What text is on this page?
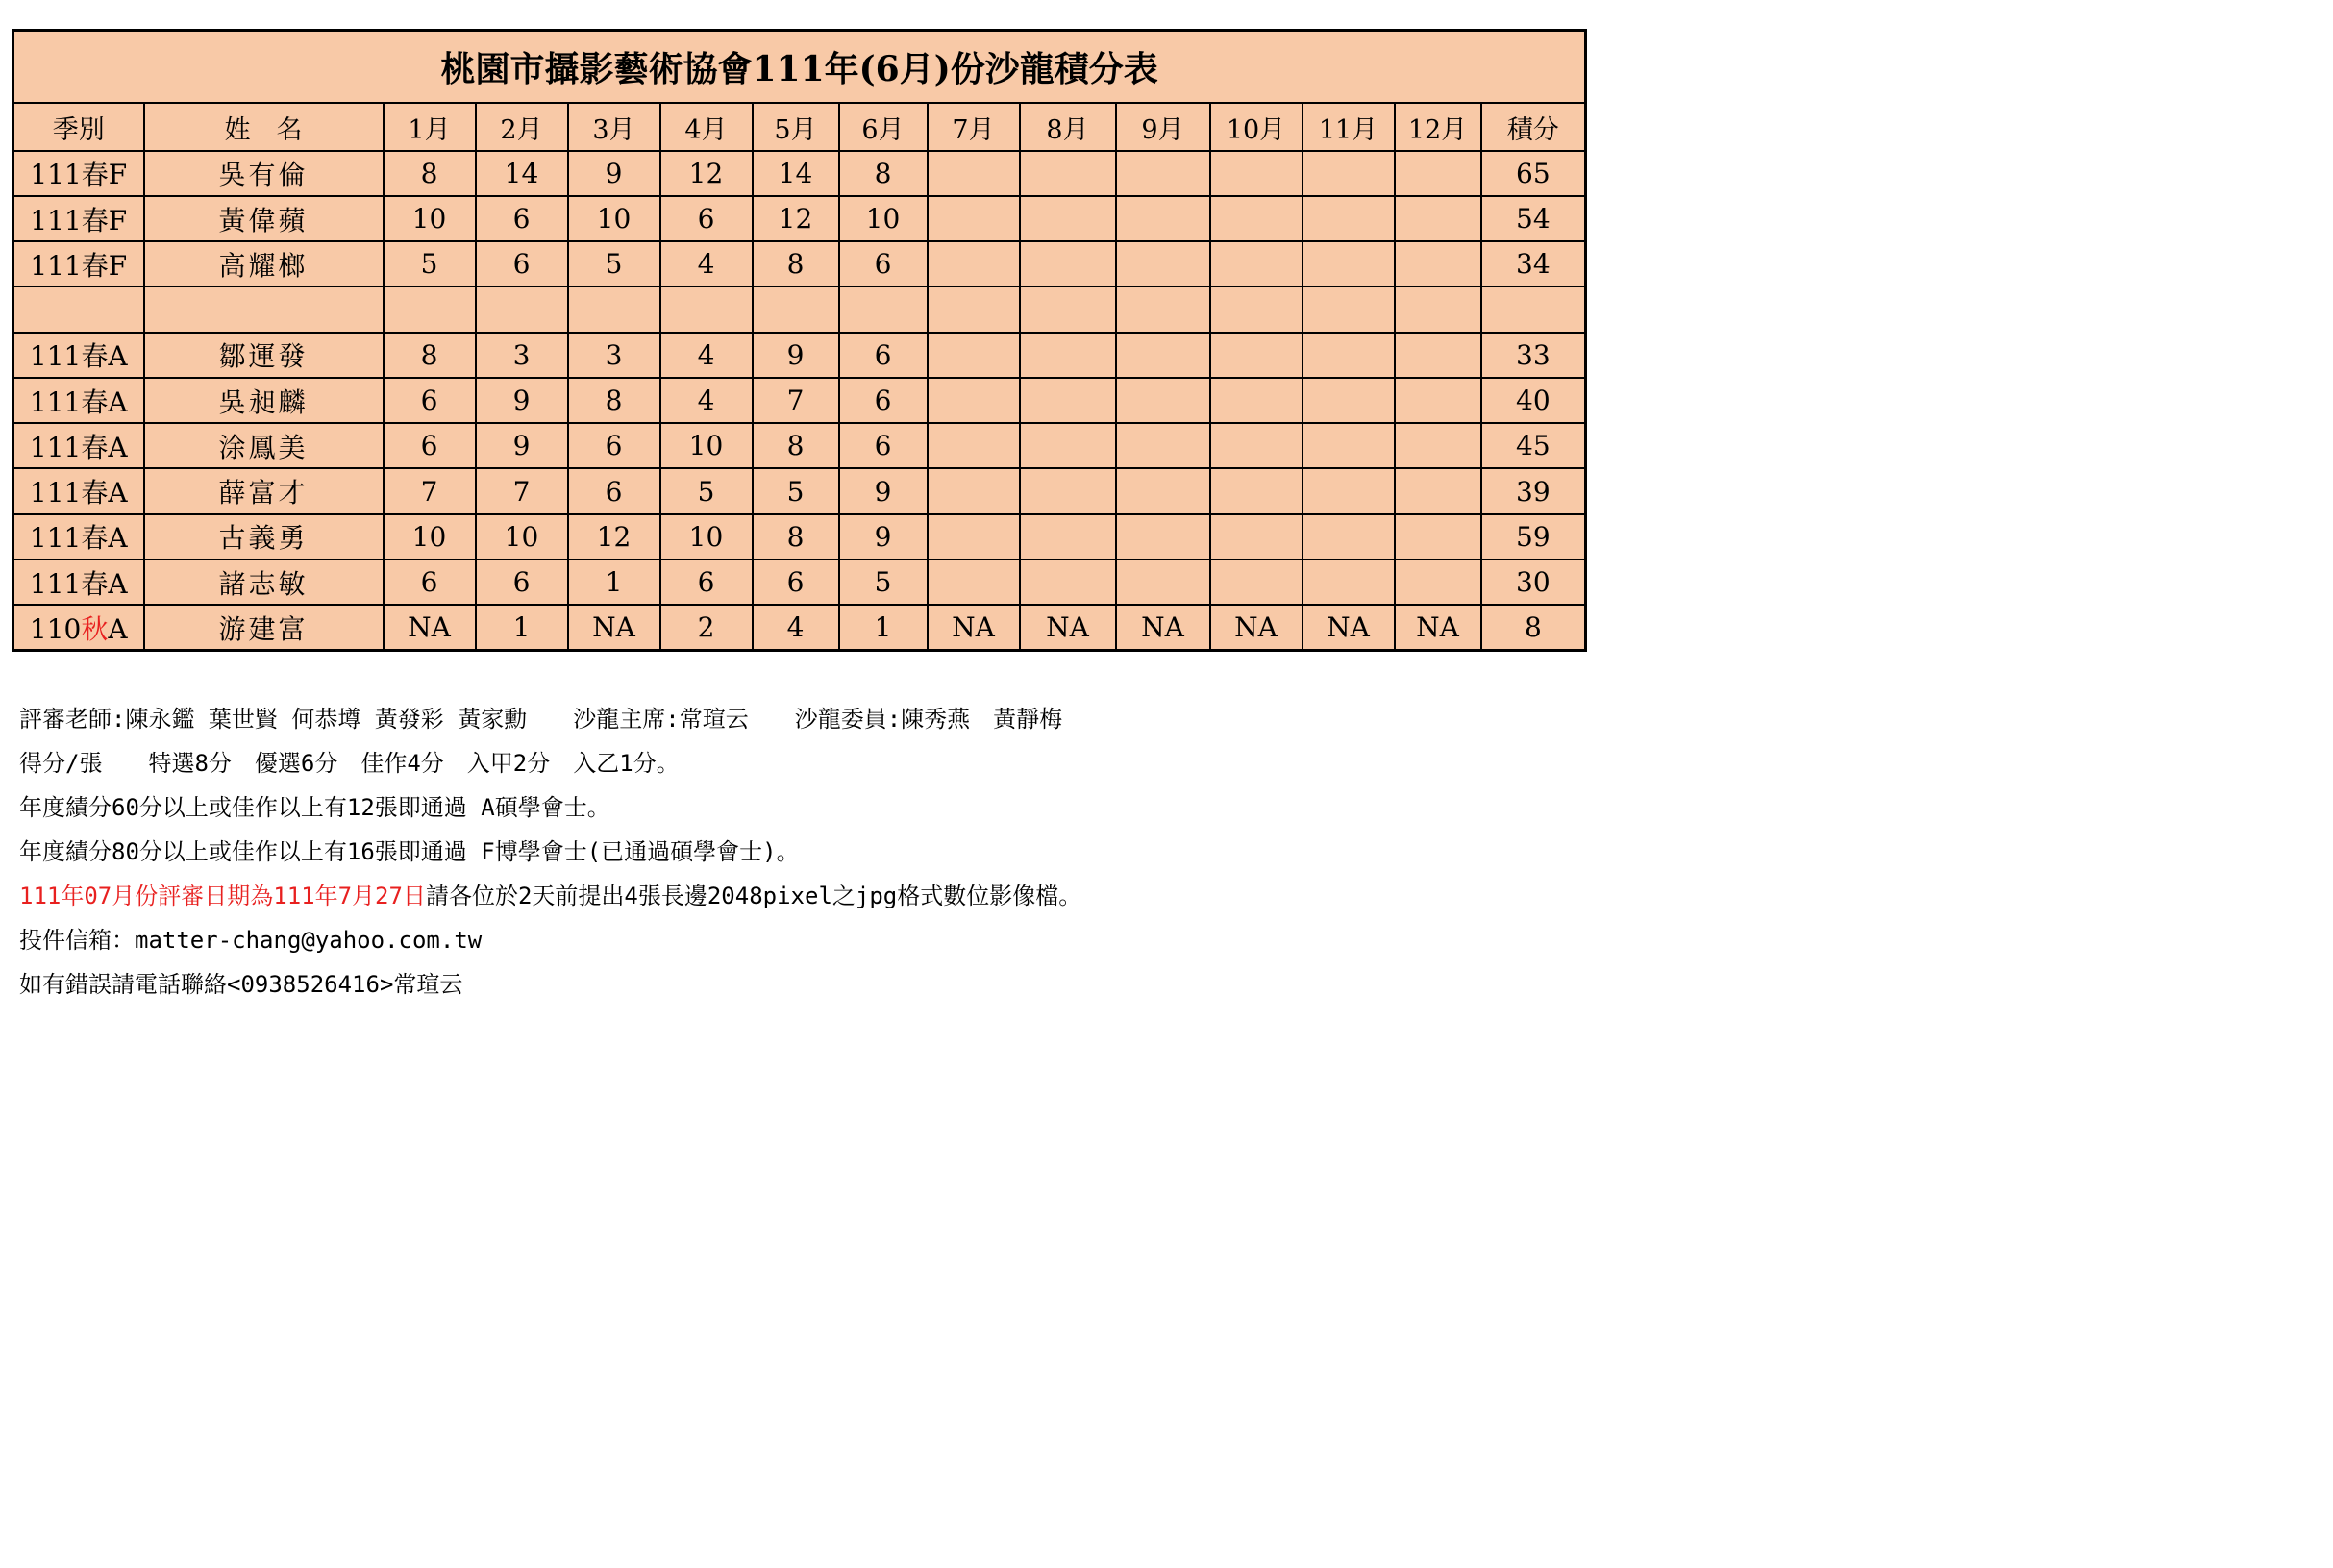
桃園市攝影藝術協會111年(6月)份沙龍積分表														
季別	姓　名	1月	2月	3月	4月	5月	6月	7月	8月	9月	10月	11月	12月	積分
111春F	吳有倫	8	14	9	12	14	8							65
111春F	黃偉蘋	10	6	10	6	12	10							54
111春F	高耀榔	5	6	5	4	8	6							34

111春A	鄒運發	8	3	3	4	9	6							33
111春A	吳昶麟	6	9	8	4	7	6							40
111春A	涂鳳美	6	9	6	10	8	6							45
111春A	薛富才	7	7	6	5	5	9							39
111春A	古義勇	10	10	12	10	8	9							59
111春A	諸志敏	6	6	1	6	6	5							30
110秋A	游建富	NA	1	NA	2	4	1	NA	NA	NA	NA	NA	NA	8
評審老師:陳永鑑 葉世賢 何恭壿 黃發彩 黃家勳　　沙龍主席:常瑄云　　沙龍委員:陳秀燕　黃靜梅
得分/張　　特選8分　優選6分　佳作4分　入甲2分　入乙1分。
年度績分60分以上或佳作以上有12張即通過 A碩學會士。
年度績分80分以上或佳作以上有16張即通過 F博學會士(已通過碩學會士)。
111年07月份評審日期為111年7月27日請各位於2天前提出4張長邊2048pixel之jpg格式數位影像檔。
投件信箱：matter-chang@yahoo.com.tw
如有錯誤請電話聯絡<0938526416>常瑄云
